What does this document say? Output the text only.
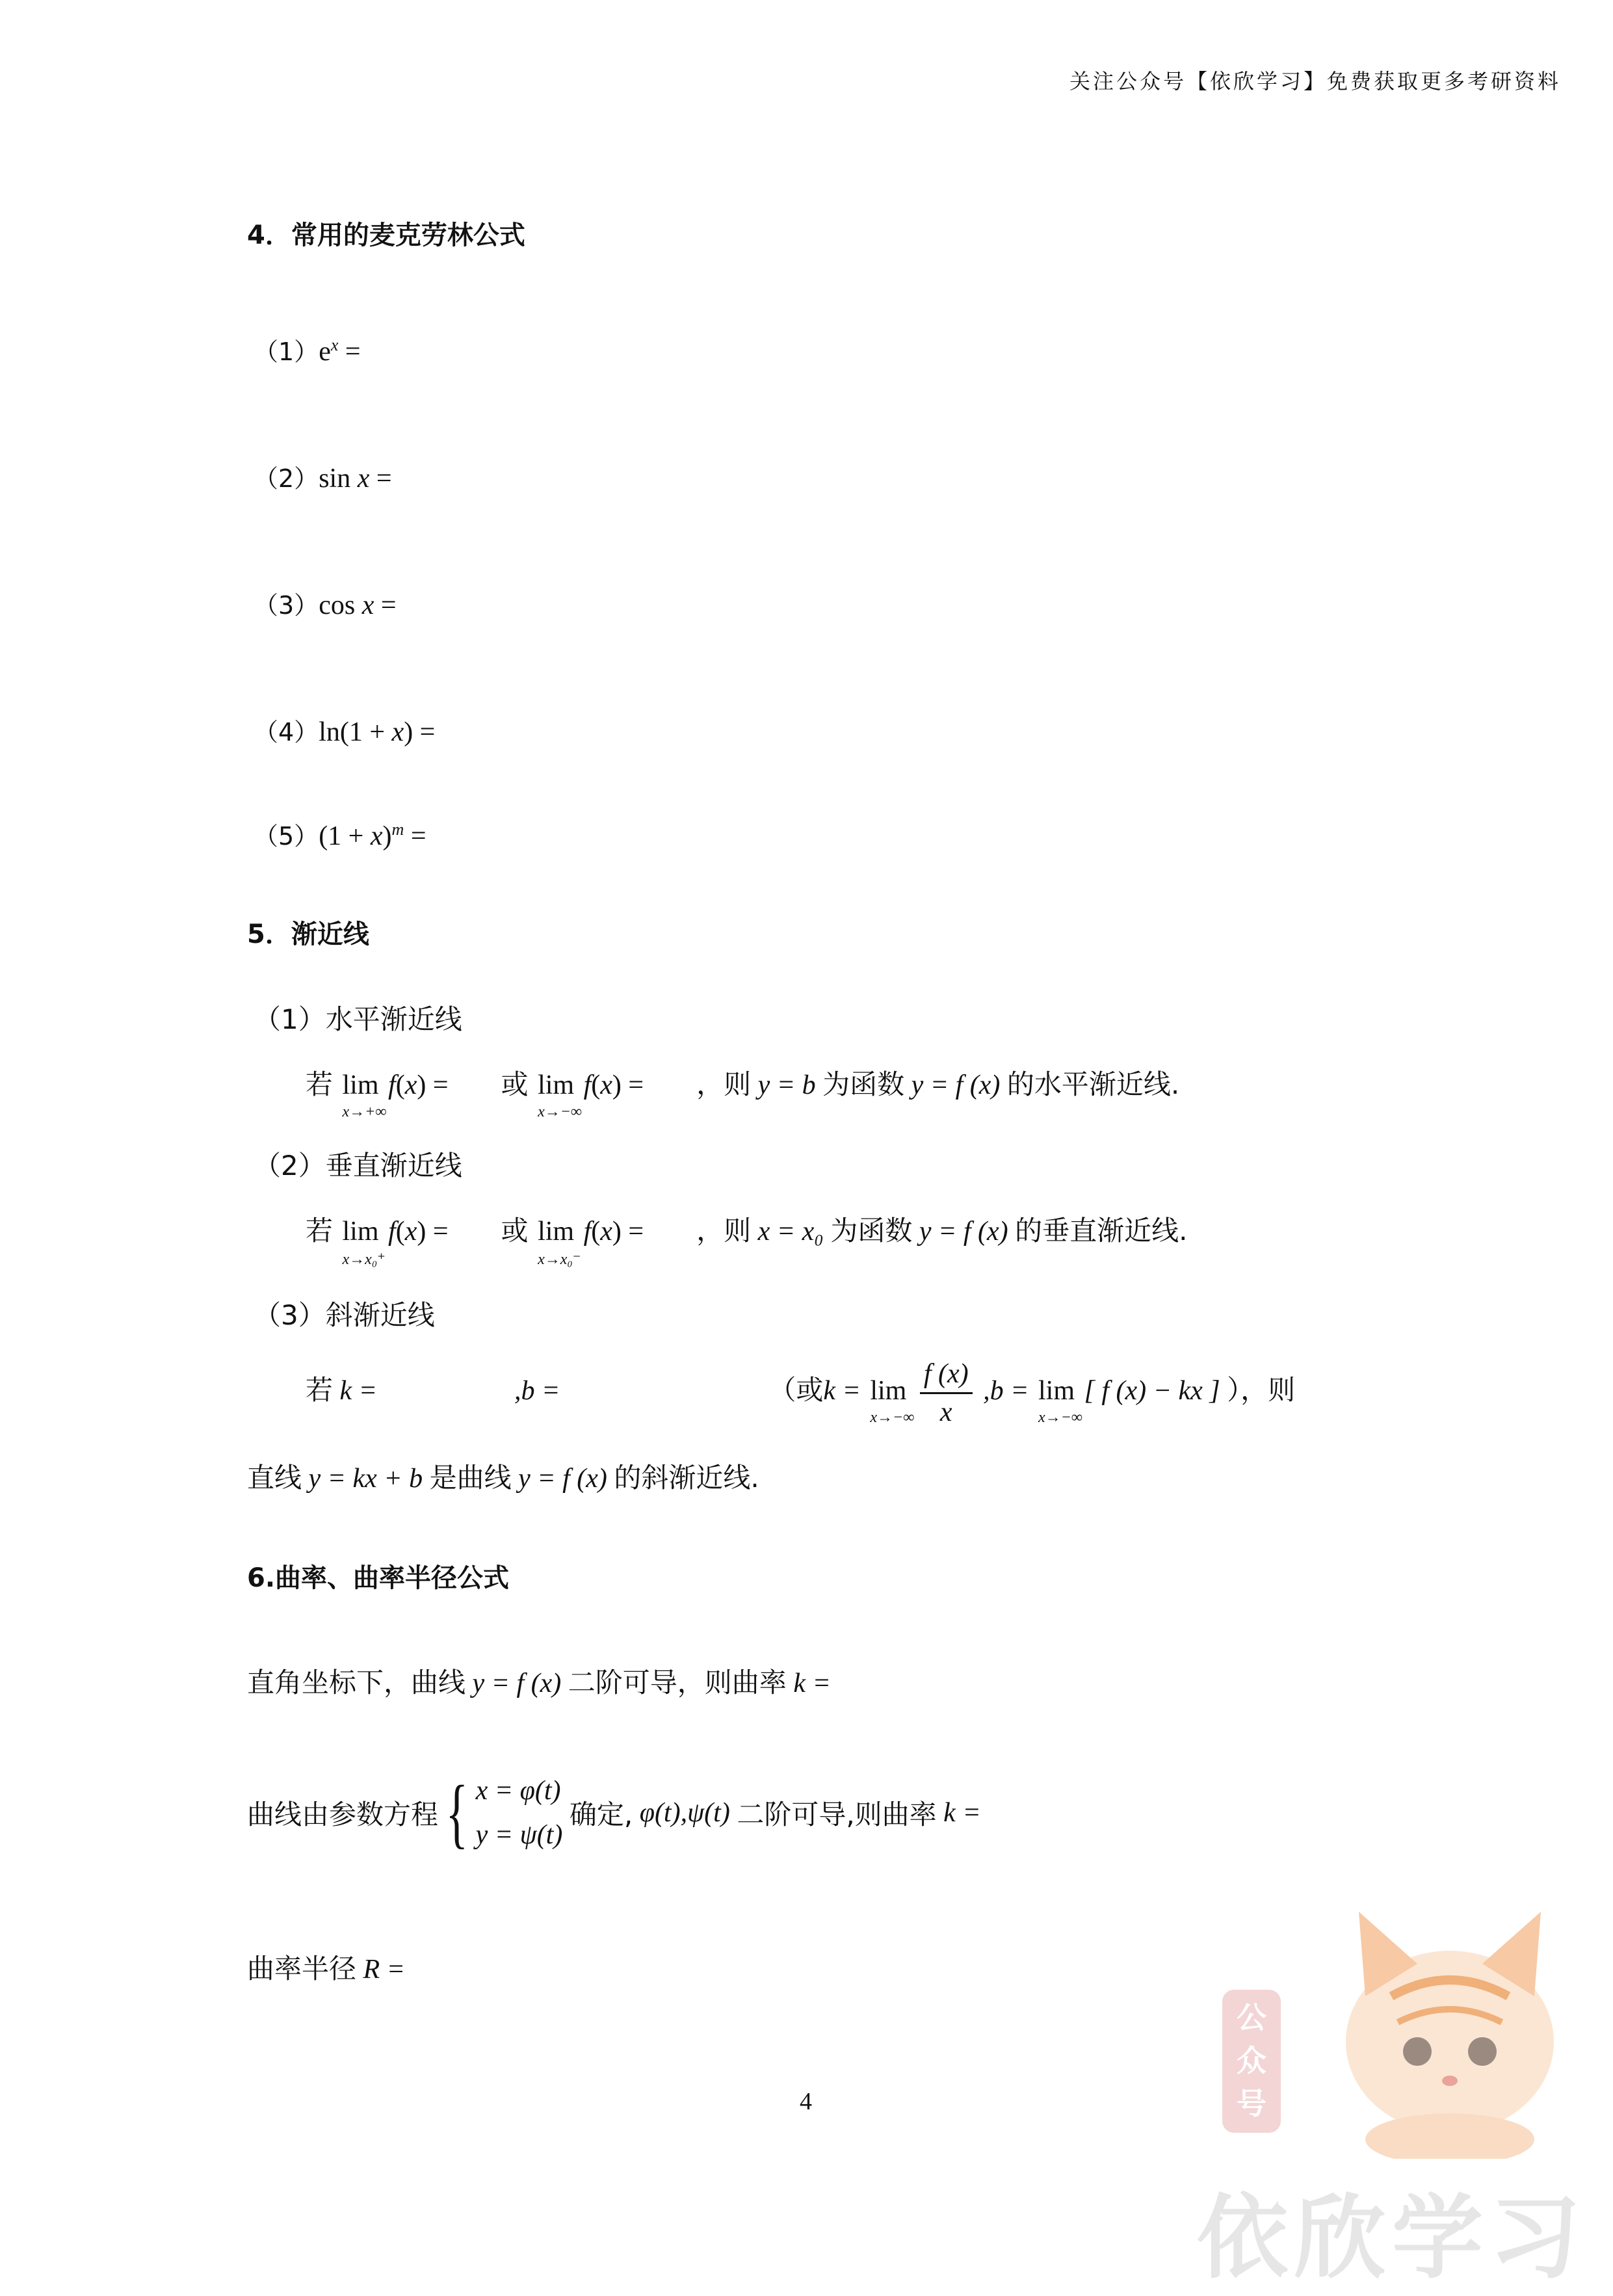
关注公众号【依欣学习】免费获取更多考研资料
4．常用的麦克劳林公式
$(1)e^x$ =
（2）sin x =
（3）cos x =
（4）ln(1 + x) =
$(5)(1 + x)^m$ =
5．渐近线
（1）水平渐近线
若 lim
x→+∞
f(x) =  或 lim
x→−∞
f(x) =  ，则 y = b 为函数 y = f (x) 的水平渐近线.
（2）垂直渐近线
若 lim
x→x₀⁺
f(x) =  或 lim
x→x₀⁻
f(x) =  ，则 x = x₀ 为函数 y = f (x) 的垂直渐近线.
（3）斜渐近线
若 k =	,b =	（或k = lim
x→−∞
$\frac{f (x)}{x} ,b = \lim$
x→−∞
[ f (x) − kx ] ），则
直线 y = kx + b 是曲线 y = f (x) 的斜渐近线.
6.曲率、曲率半径公式
直角坐标下，曲线 y = f (x) 二阶可导，则曲率 k =
曲线由参数方程{ x = φ(t)
y = ψ(t)
确定, φ(t),ψ(t) 二阶可导,则曲率 k =
曲率半径 R =
4
公众号
依欣学习
